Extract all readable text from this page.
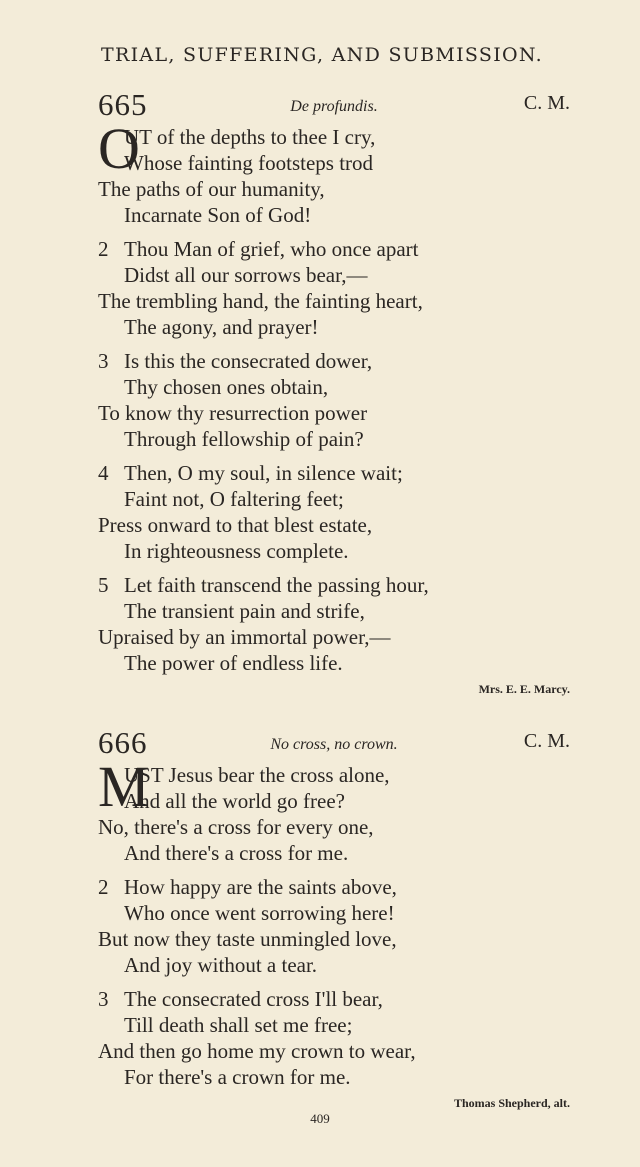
TRIAL, SUFFERING, AND SUBMISSION.
665	De profundis.	C. M.
O
UT of the depths to thee I cry,
Whose fainting footsteps trod
The paths of our humanity,
Incarnate Son of God!
2 Thou Man of grief, who once apart
Didst all our sorrows bear,—
The trembling hand, the fainting heart,
The agony, and prayer!
3 Is this the consecrated dower,
Thy chosen ones obtain,
To know thy resurrection power
Through fellowship of pain?
4 Then, O my soul, in silence wait;
Faint not, O faltering feet;
Press onward to that blest estate,
In righteousness complete.
5 Let faith transcend the passing hour,
The transient pain and strife,
Upraised by an immortal power,—
The power of endless life.
Mrs. E. E. Marcy.
666	No cross, no crown.	C. M.
M
UST Jesus bear the cross alone,
And all the world go free?
No, there's a cross for every one,
And there's a cross for me.
2 How happy are the saints above,
Who once went sorrowing here!
But now they taste unmingled love,
And joy without a tear.
3 The consecrated cross I'll bear,
Till death shall set me free;
And then go home my crown to wear,
For there's a crown for me.
Thomas Shepherd, alt.
409
